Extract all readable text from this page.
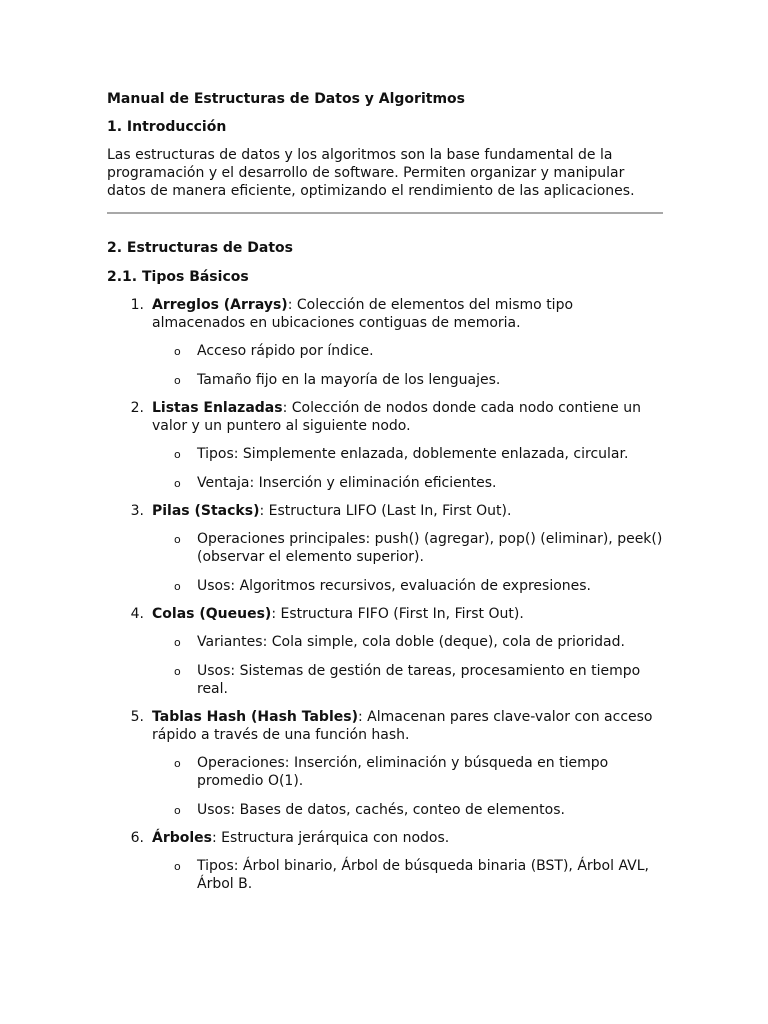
Manual de Estructuras de Datos y Algoritmos
1. Introducción

Las estructuras de datos y los algoritmos son la base fundamental de la programación y el desarrollo de software. Permiten organizar y manipular datos de manera eficiente, optimizando el rendimiento de las aplicaciones.

2. Estructuras de Datos
2.1. Tipos Básicos
1. Arreglos (Arrays): Colección de elementos del mismo tipo almacenados en ubicaciones contiguas de memoria.
o Acceso rápido por índice.
o Tamaño fijo en la mayoría de los lenguajes.
2. Listas Enlazadas: Colección de nodos donde cada nodo contiene un valor y un puntero al siguiente nodo.
o Tipos: Simplemente enlazada, doblemente enlazada, circular.
o Ventaja: Inserción y eliminación eficientes.
3. Pilas (Stacks): Estructura LIFO (Last In, First Out).
o Operaciones principales: push() (agregar), pop() (eliminar), peek() (observar el elemento superior).
o Usos: Algoritmos recursivos, evaluación de expresiones.
4. Colas (Queues): Estructura FIFO (First In, First Out).
o Variantes: Cola simple, cola doble (deque), cola de prioridad.
o Usos: Sistemas de gestión de tareas, procesamiento en tiempo real.
5. Tablas Hash (Hash Tables): Almacenan pares clave-valor con acceso rápido a través de una función hash.
o Operaciones: Inserción, eliminación y búsqueda en tiempo promedio O(1).
o Usos: Bases de datos, cachés, conteo de elementos.
6. Árboles: Estructura jerárquica con nodos.
o Tipos: Árbol binario, Árbol de búsqueda binaria (BST), Árbol AVL, Árbol B.
